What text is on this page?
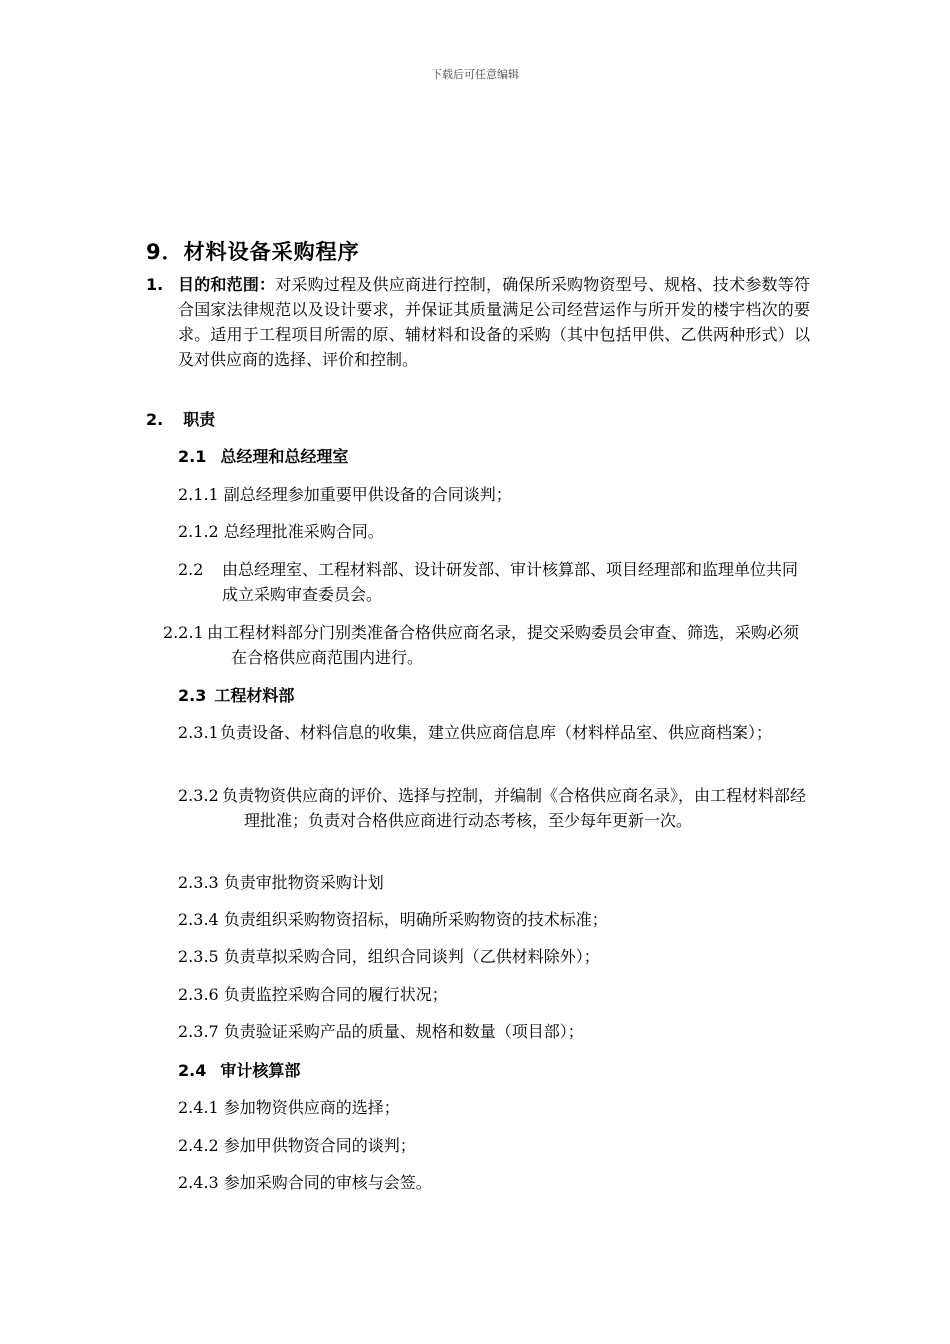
下载后可任意编辑
9．材料设备采购程序
1. 目的和范围：对采购过程及供应商进行控制，确保所采购物资型号、规格、技术参数等符合国家法律规范以及设计要求，并保证其质量满足公司经营运作与所开发的楼宇档次的要求。适用于工程项目所需的原、辅材料和设备的采购（其中包括甲供、乙供两种形式）以及对供应商的选择、评价和控制。
2. 职责
2.1 总经理和总经理室
2.1.1 副总经理参加重要甲供设备的合同谈判；
2.1.2 总经理批准采购合同。
2.2 由总经理室、工程材料部、设计研发部、审计核算部、项目经理部和监理单位共同成立采购审查委员会。
2.2.1 由工程材料部分门别类准备合格供应商名录，提交采购委员会审查、筛选，采购必须在合格供应商范围内进行。
2.3 工程材料部
2.3.1 负责设备、材料信息的收集，建立供应商信息库（材料样品室、供应商档案）；
2.3.2 负责物资供应商的评价、选择与控制，并编制《合格供应商名录》，由工程材料部经理批准；负责对合格供应商进行动态考核，至少每年更新一次。
2.3.3 负责审批物资采购计划
2.3.4 负责组织采购物资招标，明确所采购物资的技术标准；
2.3.5 负责草拟采购合同，组织合同谈判（乙供材料除外）；
2.3.6 负责监控采购合同的履行状况；
2.3.7 负责验证采购产品的质量、规格和数量（项目部）；
2.4 审计核算部
2.4.1 参加物资供应商的选择；
2.4.2 参加甲供物资合同的谈判；
2.4.3 参加采购合同的审核与会签。
